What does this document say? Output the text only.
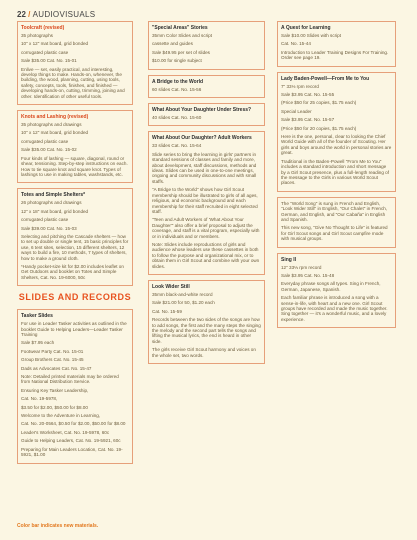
22 / AUDIOVISUALS
Toolcraft (revised)
35 photographs
10" x 12" mat board, grid bonded
corrugated plastic case
Sale $35.00 Cat. No. 15-01
Enlive — set, easily practical, and interesting, develop things to make. Hands-on, whenever, the building, the wood, planning, cutting, using tools, safety, concepts, tools, finishes, and finished — developing hands-on, cutting, trimming, joining and other. Identification of other useful tools.
Knots and Lashing (revised)
35 photographs and drawings
10" x 12" mat board, grid bonded
corrugated plastic case
Sale $35.00 Cat. No. 15-02
Four kinds of lashing — square, diagonal, round or shear, tensioning. Step-by-step instructions on each. How to tie square knot and square knot. Types of lashings to use in making tables, washstands, etc.
Totes and Simple Shelters*
26 photographs and drawings
12" x 18" mat board, grid bonded
corrugated plastic case
Sale $39.00 Cat. No. 15-03
Selecting and pitching the Cascade shelters — how to set up double or single tent, 15 basic principles for use, 6 tent sites, selection, 15 different shelters, 12 ways to build a fire, 10 methods, 7 types of shelters, how to make a ground cloth.
*Handy pocket-size kit for $2.00 includes leaflet on Get Outdoors and booklet on Totes and Simple Shelters, Cat. No. 19-6000, 50c
SLIDES AND RECORDS
Tasker Slides
For use in Leader Tasker activities as outlined in the booklet Guide to Helping Leaders—Leader Tasker Training
Sale $7.95 each
Footwear Party Cat. No. 15-01
Group Brothers Cat. No. 15-45
Dads as Advocates Cat. No. 15-47
Note: Detailed printed materials may be ordered from National Distribution Service.
Ensuring Key Tasker Leadership,
Cat. No. 19-5978,
$3.50 for $2.00, $50.00 for $8.00
Welcome to the Adventure in Learning,
Cat. No. 20-0564, $0.50 for $2.00, $50.00 for $8.00
Leader's Worksheet, Cat. No. 19-5978, 60c
Guide to Helping Leaders, Cat. No. 19-5921, 60c
Preparing for Main Leaders Location, Cat. No. 19-5921, $1.00
"Special Areas" Stories
35mm Color Slides and script
cassette and guides
Sale $49.95 per set of slides
$10.00 for single subject
A Bridge to the World
60 slides Cat. No. 15-56
What About Your Daughter Under Stress?
40 slides Cat. No. 15-60
What About Our Daughter? Adult Workers
33 slides Cat. No. 15-64
Slide series to bring the learning in girls' partners in standard sessions of classes and family and more, about development, staff discussions, methods and ideas. Slides can be used in one-to-one meetings, ongoing and community discussions and with small staffs.
"A Bridge to the World" shows how Girl Scout membership should be illustrated to girls of all ages, religious, and economic background and each membership for their staff recruited in eight selected staff.
"Teen and Adult Workers of 'What About Your Daughter'" also offer a brief proposal to adjust the coverage, and staff is a vital program, especially with or in individuals and or members.
Note: Slides include reproductions of girls and audience whose leaders use these cassettes in both to follow the purpose and organizational mix, or to obtain them in Girl Scout and combine with your own slides.
Look Wider Still
35mm black-and-white record
Sale $21.00 for 50, $1.20 each
Cat. No. 15-59
Records between the two sides of the songs are how to add songs, the first and the many steps the singing the melody and the second part tells the songs and lifting the musical lyrics, the end is heard in other side.
The girls receive Girl Scout harmony and voices on the whole set, two words.
A Quest for Learning
Sale $10.00 Slides with script
Cat. No. 15-44
Introduction to Leader Training Designs For Training. Order see page 19.
Lady Baden-Powell—From Me to You
7" 33⅓ rpm record
Sale $3.95 Cat. No. 15-55
(Price $50 for 25 copies, $1.75 each)
Special Leader
Sale $3.95 Cat. No. 15-57
(Price $50 for 20 copies, $1.75 each)
Here is the one, personal, clear to looking the Chief World Guide with all of the founder of Scouting. Her girls and boys around the world in personal stories are great.
Traditional in the Baden-Powell "From Me to You" includes a standard introduction and short message by a Girl Scout presence, plus a full-length reading of the message to the Girls in various World Scout places.
The "World Song" is sung in French and English, "Look Wider Still" in English, "Our Chalet" in French, German, and English, and "Our Cabaña" in English and Spanish.
This new song, "Give No Thought to Life" is featured for Girl Scout songs and Girl Scout campfire mode with musical groups.
Sing II
12" 33⅓ rpm record
Sale $3.95 Cat. No. 15-48
Everyday phrase songs all types. Sing in French, German, Japanese, Spanish.
Each familiar phrase is introduced a song with a sense-in-life, with heart and a new one. Girl Scout groups have recorded and made the music together. Sing together — it's a wonderful music, and a lovely experience.
Color bar indicates new materials.
